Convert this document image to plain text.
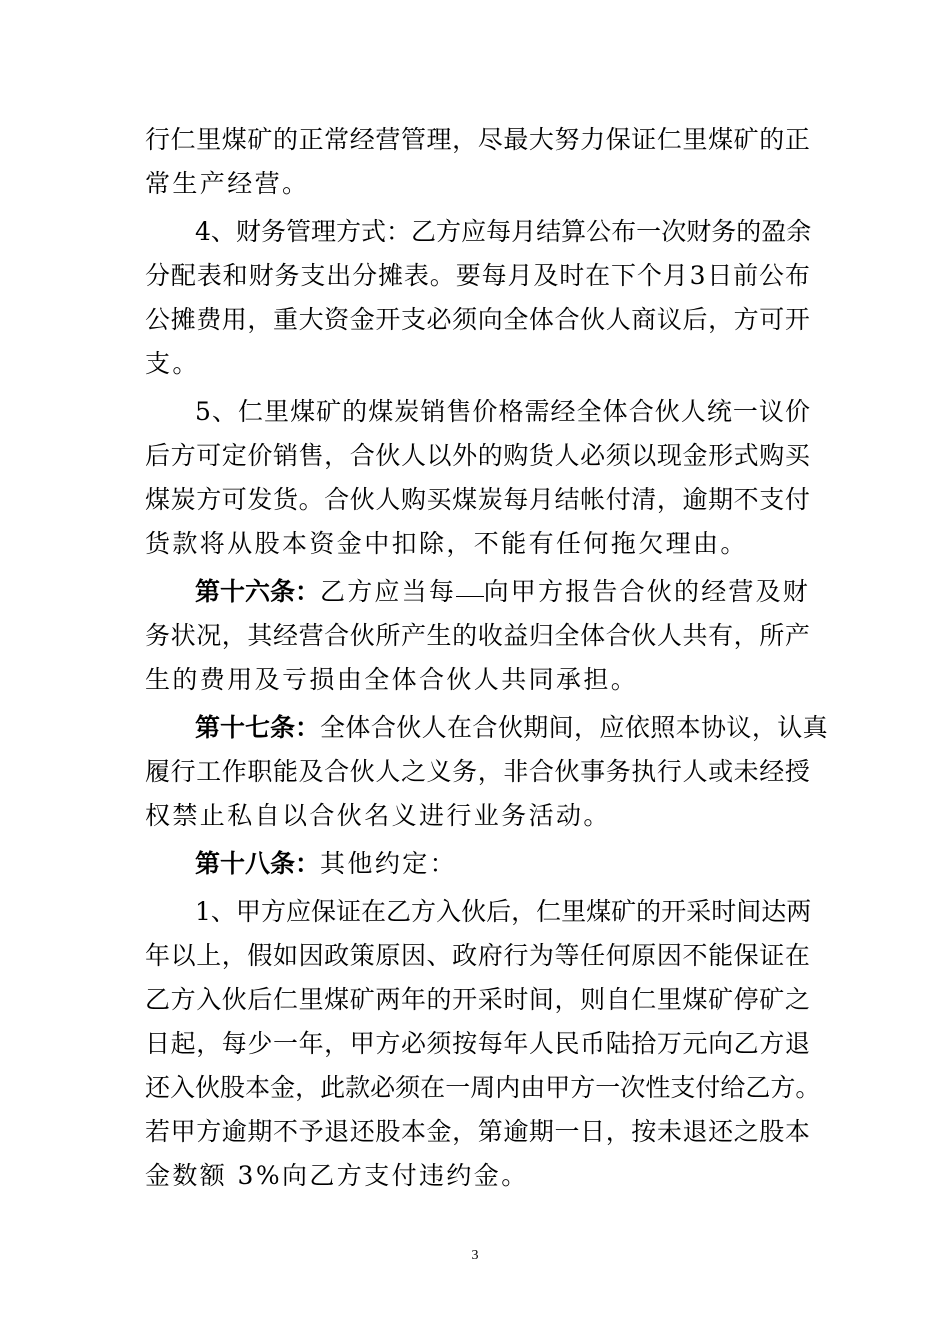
行 仁 里 煤 矿 的 正 常 经 营 管 理 ， 尽 最 大 努 力 保 证 仁 里 煤 矿 的 正
常生产经营。
4 、 财 务 管 理 方 式 ： 乙 方 应 每 月 结 算 公 布 一 次 财 务 的 盈 余
分 配 表 和 财 务 支 出 分 摊 表 。 要 每 月 及 时 在 下 个 月 3 日 前 公 布
公 摊 费 用 ， 重 大 资 金 开 支 必 须 向 全 体 合 伙 人 商 议 后 ， 方 可 开
支。
5 、 仁 里 煤 矿 的 煤 炭 销 售 价 格 需 经 全 体 合 伙 人 统 一 议 价
后 方 可 定 价 销 售 ， 合 伙 人 以 外 的 购 货 人 必 须 以 现 金 形 式 购 买
煤 炭 方 可 发 货 。 合 伙 人 购 买 煤 炭 每 月 结 帐 付 清 ， 逾 期 不 支 付
货款将从股本资金中扣除，不能有任何拖欠理由。
第十六条： 乙方应当每 向甲方报告合伙的经营及财
务 状 况 ， 其 经 营 合 伙 所 产 生 的 收 益 归 全 体 合 伙 人 共 有 ， 所 产
生的费用及亏损由全体合伙人共同承担。
第十七条： 全体合伙人在合伙期间，应依照本协议，认真
履 行 工 作 职 能 及 合 伙 人 之 义 务 ， 非 合 伙 事 务 执 行 人 或 未 经 授
权禁止私自以合伙名义进行业务活动。
第十八条： 其他约定：
1 、 甲 方 应 保 证 在 乙 方 入 伙 后 ， 仁 里 煤 矿 的 开 采 时 间 达 两
年 以 上 ， 假 如 因 政 策 原 因 、 政 府 行 为 等 任 何 原 因 不 能 保 证 在
乙 方 入 伙 后 仁 里 煤 矿 两 年 的 开 采 时 间 ， 则 自 仁 里 煤 矿 停 矿 之
日 起 ， 每 少 一 年 ， 甲 方 必 须 按 每 年 人 民 币 陆 拾 万 元 向 乙 方 退
还 入 伙 股 本 金 ， 此 款 必 须 在 一 周 内 由 甲 方 一 次 性 支 付 给 乙 方 。
若 甲 方 逾 期 不 予 退 还 股 本 金 ， 第 逾 期 一 日 ， 按 未 退 还 之 股 本
金数额 3%向乙方支付违约金。
3
